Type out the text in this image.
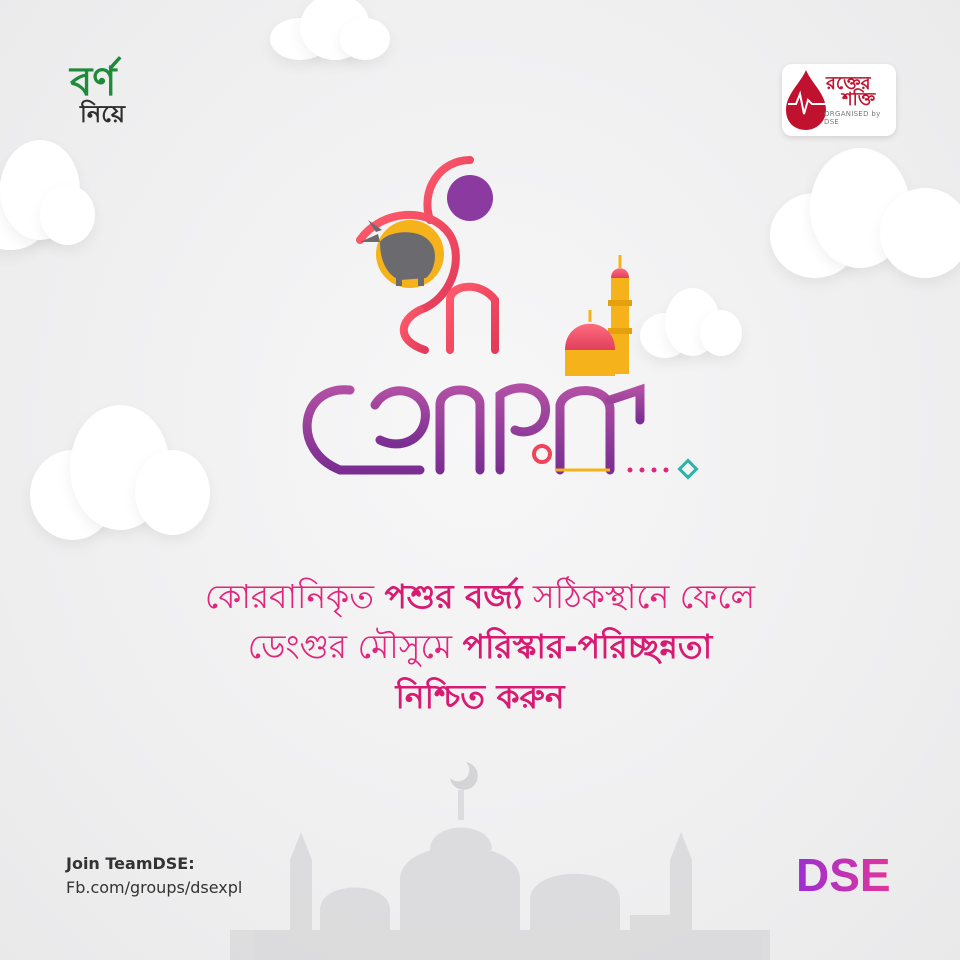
বর্ণ
নিয়ে
রক্তের
শক্তি
ORGANISED by DSE
কোরবানিকৃত পশুর বর্জ্য সঠিকস্থানে ফেলে
ডেংগুর মৌসুমে পরিস্কার-পরিচ্ছন্নতা
নিশ্চিত করুন
Join TeamDSE:
Fb.com/groups/dsexpl	DSE
